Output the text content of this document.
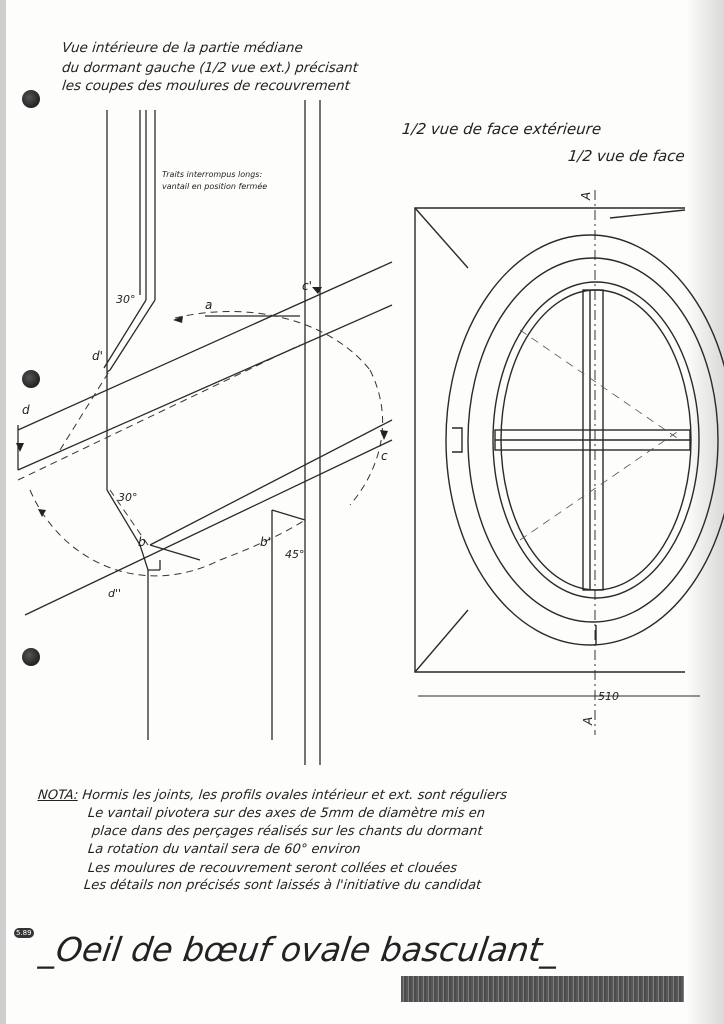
Vue intérieure de la partie médiane
du dormant gauche (1/2 vue ext.) précisant
les coupes des moulures de recouvrement
1/2 vue de face extérieure
1/2 vue de face
Traits interrompus longs:
vantail en position fermée
a
d'
d
c'
c
b	b'
d''
30°
30°
45°
510
A
A
NOTA: Hormis les joints, les profils ovales intérieur et ext. sont réguliers
Le vantail pivotera sur des axes de 5mm de diamètre mis en
place dans des perçages réalisés sur les chants du dormant
La rotation du vantail sera de 60° environ
Les moulures de recouvrement seront collées et clouées
Les détails non précisés sont laissés à l'initiative du candidat
5.89 _Oeil de bœuf ovale basculant_
